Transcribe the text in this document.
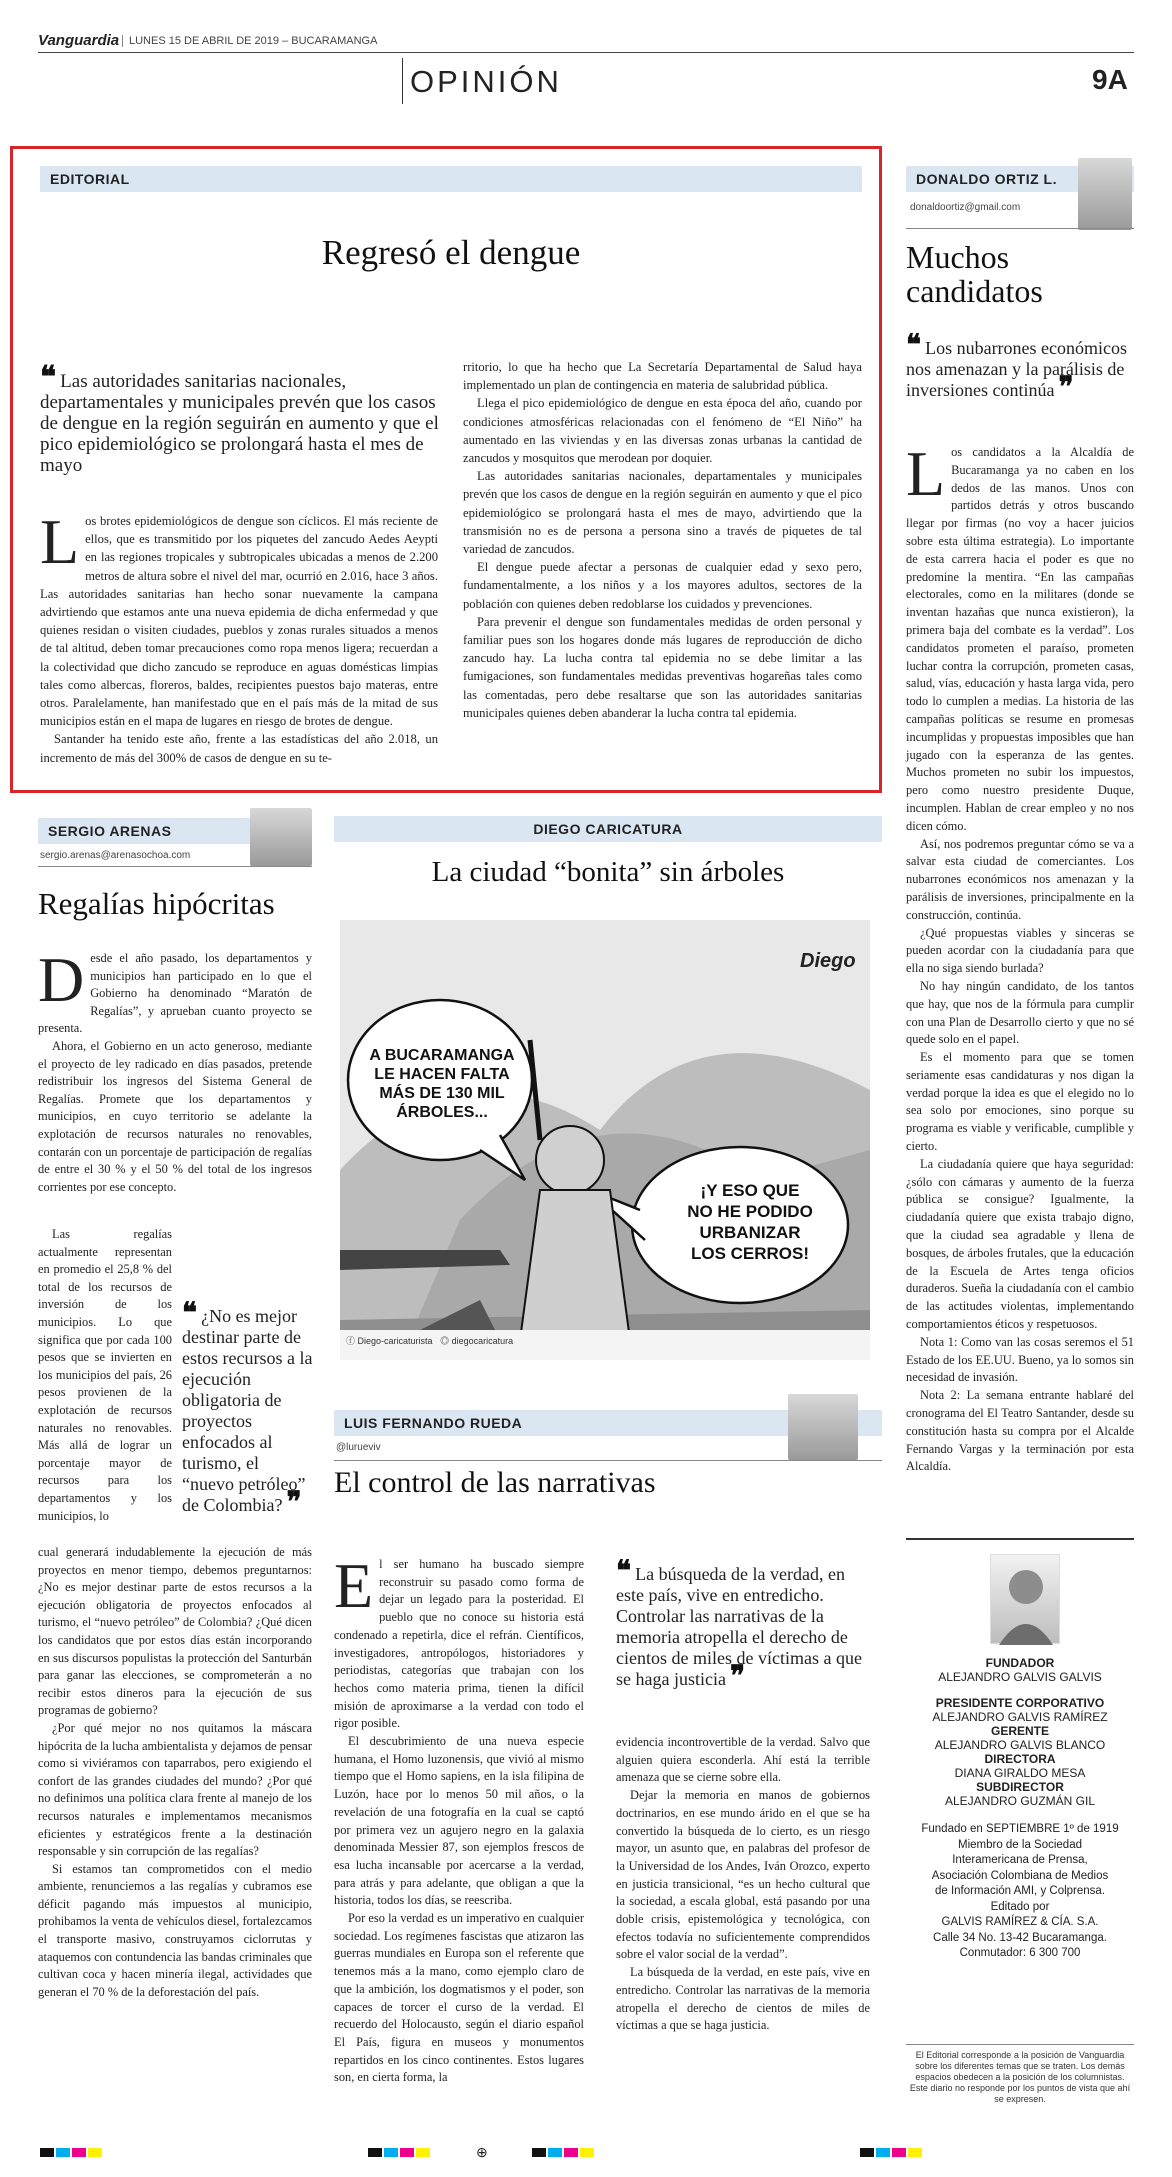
Vanguardia LUNES 15 DE ABRIL DE 2019 – BUCARAMANGA
OPINIÓN	9A
EDITORIAL
Regresó el dengue
❝ Las autoridades sanitarias nacionales, departamentales y municipales prevén que los casos de dengue en la región seguirán en aumento y que el pico epidemiológico se prolongará hasta el mes de mayo

Los brotes epidemiológicos de dengue son cíclicos. El más reciente de ellos, que es transmitido por los piquetes del zancudo Aedes Aeypti en las regiones tropicales y subtropicales ubicadas a menos de 2.200 metros de altura sobre el nivel del mar, ocurrió en 2.016, hace 3 años. Las autoridades sanitarias han hecho sonar nuevamente la campana advirtiendo que estamos ante una nueva epidemia de dicha enfermedad y que quienes residan o visiten ciudades, pueblos y zonas rurales situados a menos de tal altitud, deben tomar precauciones como ropa menos ligera; recuerdan a la colectividad que dicho zancudo se reproduce en aguas domésticas limpias tales como albercas, floreros, baldes, recipientes puestos bajo materas, entre otros. Paralelamente, han manifestado que en el país más de la mitad de sus municipios están en el mapa de lugares en riesgo de brotes de dengue.

Santander ha tenido este año, frente a las estadísticas del año 2.018, un incremento de más del 300% de casos de dengue en su te-

rritorio, lo que ha hecho que La Secretaría Departamental de Salud haya implementado un plan de contingencia en materia de salubridad pública.

Llega el pico epidemiológico de dengue en esta época del año, cuando por condiciones atmosféricas relacionadas con el fenómeno de “El Niño” ha aumentado en las viviendas y en las diversas zonas urbanas la cantidad de zancudos y mosquitos que merodean por doquier.

Las autoridades sanitarias nacionales, departamentales y municipales prevén que los casos de dengue en la región seguirán en aumento y que el pico epidemiológico se prolongará hasta el mes de mayo, advirtiendo que la transmisión no es de persona a persona sino a través de piquetes de tal variedad de zancudos.

El dengue puede afectar a personas de cualquier edad y sexo pero, fundamentalmente, a los niños y a los mayores adultos, sectores de la población con quienes deben redoblarse los cuidados y prevenciones.

Para prevenir el dengue son fundamentales medidas de orden personal y familiar pues son los hogares donde más lugares de reproducción de dicho zancudo hay. La lucha contra tal epidemia no se debe limitar a las fumigaciones, son fundamentales medidas preventivas hogareñas tales como las comentadas, pero debe resaltarse que son las autoridades sanitarias municipales quienes deben abanderar la lucha contra tal epidemia.

DONALDO ORTIZ L.
donaldoortiz@gmail.com
Muchos candidatos
❝ Los nubarrones económicos nos amenazan y la parálisis de inversiones continúa ❞

Los candidatos a la Alcaldía de Bucaramanga ya no caben en los dedos de las manos. Unos con partidos detrás y otros buscando llegar por firmas (no voy a hacer juicios sobre esta última estrategia). Lo importante de esta carrera hacia el poder es que no predomine la mentira. “En las campañas electorales, como en la militares (donde se inventan hazañas que nunca existieron), la primera baja del combate es la verdad”. Los candidatos prometen el paraíso, prometen luchar contra la corrupción, prometen casas, salud, vías, educación y hasta larga vida, pero todo lo cumplen a medias. La historia de las campañas políticas se resume en promesas incumplidas y propuestas imposibles que han jugado con la esperanza de las gentes. Muchos prometen no subir los impuestos, pero como nuestro presidente Duque, incumplen. Hablan de crear empleo y no nos dicen cómo.

Así, nos podremos preguntar cómo se va a salvar esta ciudad de comerciantes. Los nubarrones económicos nos amenazan y la parálisis de inversiones, principalmente en la construcción, continúa.

¿Qué propuestas viables y sinceras se pueden acordar con la ciudadanía para que ella no siga siendo burlada?

No hay ningún candidato, de los tantos que hay, que nos de la fórmula para cumplir con una Plan de Desarrollo cierto y que no sé quede solo en el papel.

Es el momento para que se tomen seriamente esas candidaturas y nos digan la verdad porque la idea es que el elegido no lo sea solo por emociones, sino porque su programa es viable y verificable, cumplible y cierto.

La ciudadanía quiere que haya seguridad: ¿sólo con cámaras y aumento de la fuerza pública se consigue? Igualmente, la ciudadanía quiere que exista trabajo digno, que la ciudad sea agradable y llena de bosques, de árboles frutales, que la educación de la Escuela de Artes tenga oficios duraderos. Sueña la ciudadanía con el cambio de las actitudes violentas, implementando comportamientos éticos y respetuosos.

Nota 1: Como van las cosas seremos el 51 Estado de los EE.UU. Bueno, ya lo somos sin necesidad de invasión.

Nota 2: La semana entrante hablaré del cronograma del El Teatro Santander, desde su constitución hasta su compra por el Alcalde Fernando Vargas y la terminación por esta Alcaldía.

SERGIO ARENAS
sergio.arenas@arenasochoa.com
Regalías hipócritas

Desde el año pasado, los departamentos y municipios han participado en lo que el Gobierno ha denominado “Maratón de Regalías”, y aprueban cuanto proyecto se presenta.

Ahora, el Gobierno en un acto generoso, mediante el proyecto de ley radicado en días pasados, pretende redistribuir los ingresos del Sistema General de Regalías. Promete que los departamentos y municipios, en cuyo territorio se adelante la explotación de recursos naturales no renovables, contarán con un porcentaje de participación de regalías de entre el 30 % y el 50 % del total de los ingresos corrientes por ese concepto.

Las regalías actualmente representan en promedio el 25,8 % del total de los recursos de inversión de los municipios. Lo que significa que por cada 100 pesos que se invierten en los municipios del país, 26 pesos provienen de la explotación de recursos naturales no renovables. Más allá de lograr un porcentaje mayor de recursos para los departamentos y los municipios, lo
❝ ¿No es mejor destinar parte de estos recursos a la ejecución obligatoria de proyectos enfocados al turismo, el “nuevo petróleo” de Colombia? ❞

cual generará indudablemente la ejecución de más proyectos en menor tiempo, debemos preguntarnos: ¿No es mejor destinar parte de estos recursos a la ejecución obligatoria de proyectos enfocados al turismo, el “nuevo petróleo” de Colombia? ¿Qué dicen los candidatos que por estos días están incorporando en sus discursos populistas la protección del Santurbán para ganar las elecciones, se comprometerán a no recibir estos dineros para la ejecución de sus programas de gobierno?

¿Por qué mejor no nos quitamos la máscara hipócrita de la lucha ambientalista y dejamos de pensar como si viviéramos con taparrabos, pero exigiendo el confort de las grandes ciudades del mundo? ¿Por qué no definimos una política clara frente al manejo de los recursos naturales e implementamos mecanismos eficientes y estratégicos frente a la destinación responsable y sin corrupción de las regalías?

Si estamos tan comprometidos con el medio ambiente, renunciemos a las regalías y cubramos ese déficit pagando más impuestos al municipio, prohibamos la venta de vehículos diesel, fortalezcamos el transporte masivo, construyamos ciclorrutas y ataquemos con contundencia las bandas criminales que cultivan coca y hacen minería ilegal, actividades que generan el 70 % de la deforestación del país.

DIEGO CARICATURA
La ciudad “bonita” sin árboles
Diego
A BUCARAMANGA
LE HACEN FALTA
MÁS DE 130 MIL
ÁRBOLES...
¡Y ESO QUE
NO HE PODIDO
URBANIZAR
LOS CERROS!
ⓕ Diego-caricaturista ◎ diegocaricatura
LUIS FERNANDO RUEDA
@lurueviv
El control de las narrativas

El ser humano ha buscado siempre reconstruir su pasado como forma de dejar un legado para la posteridad. El pueblo que no conoce su historia está condenado a repetirla, dice el refrán. Científicos, investigadores, antropólogos, historiadores y periodistas, categorías que trabajan con los hechos como materia prima, tienen la difícil misión de aproximarse a la verdad con todo el rigor posible.

El descubrimiento de una nueva especie humana, el Homo luzonensis, que vivió al mismo tiempo que el Homo sapiens, en la isla filipina de Luzón, hace por lo menos 50 mil años, o la revelación de una fotografía en la cual se captó por primera vez un agujero negro en la galaxia denominada Messier 87, son ejemplos frescos de esa lucha incansable por acercarse a la verdad, para atrás y para adelante, que obligan a que la historia, todos los días, se reescriba.

Por eso la verdad es un imperativo en cualquier sociedad. Los regímenes fascistas que atizaron las guerras mundiales en Europa son el referente que tenemos más a la mano, como ejemplo claro de que la ambición, los dogmatismos y el poder, son capaces de torcer el curso de la verdad. El recuerdo del Holocausto, según el diario español El País, figura en museos y monumentos repartidos en los cinco continentes. Estos lugares son, en cierta forma, la

❝ La búsqueda de la verdad, en este país, vive en entredicho. Controlar las narrativas de la memoria atropella el derecho de cientos de miles de víctimas a que se haga justicia ❞

evidencia incontrovertible de la verdad. Salvo que alguien quiera esconderla. Ahí está la terrible amenaza que se cierne sobre ella.

Dejar la memoria en manos de gobiernos doctrinarios, en ese mundo árido en el que se ha convertido la búsqueda de lo cierto, es un riesgo mayor, un asunto que, en palabras del profesor de la Universidad de los Andes, Iván Orozco, experto en justicia transicional, “es un hecho cultural que la sociedad, a escala global, está pasando por una doble crisis, epistemológica y tecnológica, con efectos todavía no suficientemente comprendidos sobre el valor social de la verdad”.

La búsqueda de la verdad, en este país, vive en entredicho. Controlar las narrativas de la memoria atropella el derecho de cientos de miles de víctimas a que se haga justicia.

FUNDADOR
ALEJANDRO GALVIS GALVIS
PRESIDENTE CORPORATIVO
ALEJANDRO GALVIS RAMÍREZ
GERENTE
ALEJANDRO GALVIS BLANCO
DIRECTORA
DIANA GIRALDO MESA
SUBDIRECTOR
ALEJANDRO GUZMÁN GIL
Fundado en SEPTIEMBRE 1º de 1919
Miembro de la Sociedad
Interamericana de Prensa,
Asociación Colombiana de Medios
de Información AMI, y Colprensa.
Editado por
GALVIS RAMÍREZ & CÍA. S.A.
Calle 34 No. 13-42 Bucaramanga.
Conmutador: 6 300 700
El Editorial corresponde a la posición de Vanguardia sobre los diferentes temas que se traten. Los demás espacios obedecen a la posición de los columnistas. Este diario no responde por los puntos de vista que ahí se expresen.
⊕
